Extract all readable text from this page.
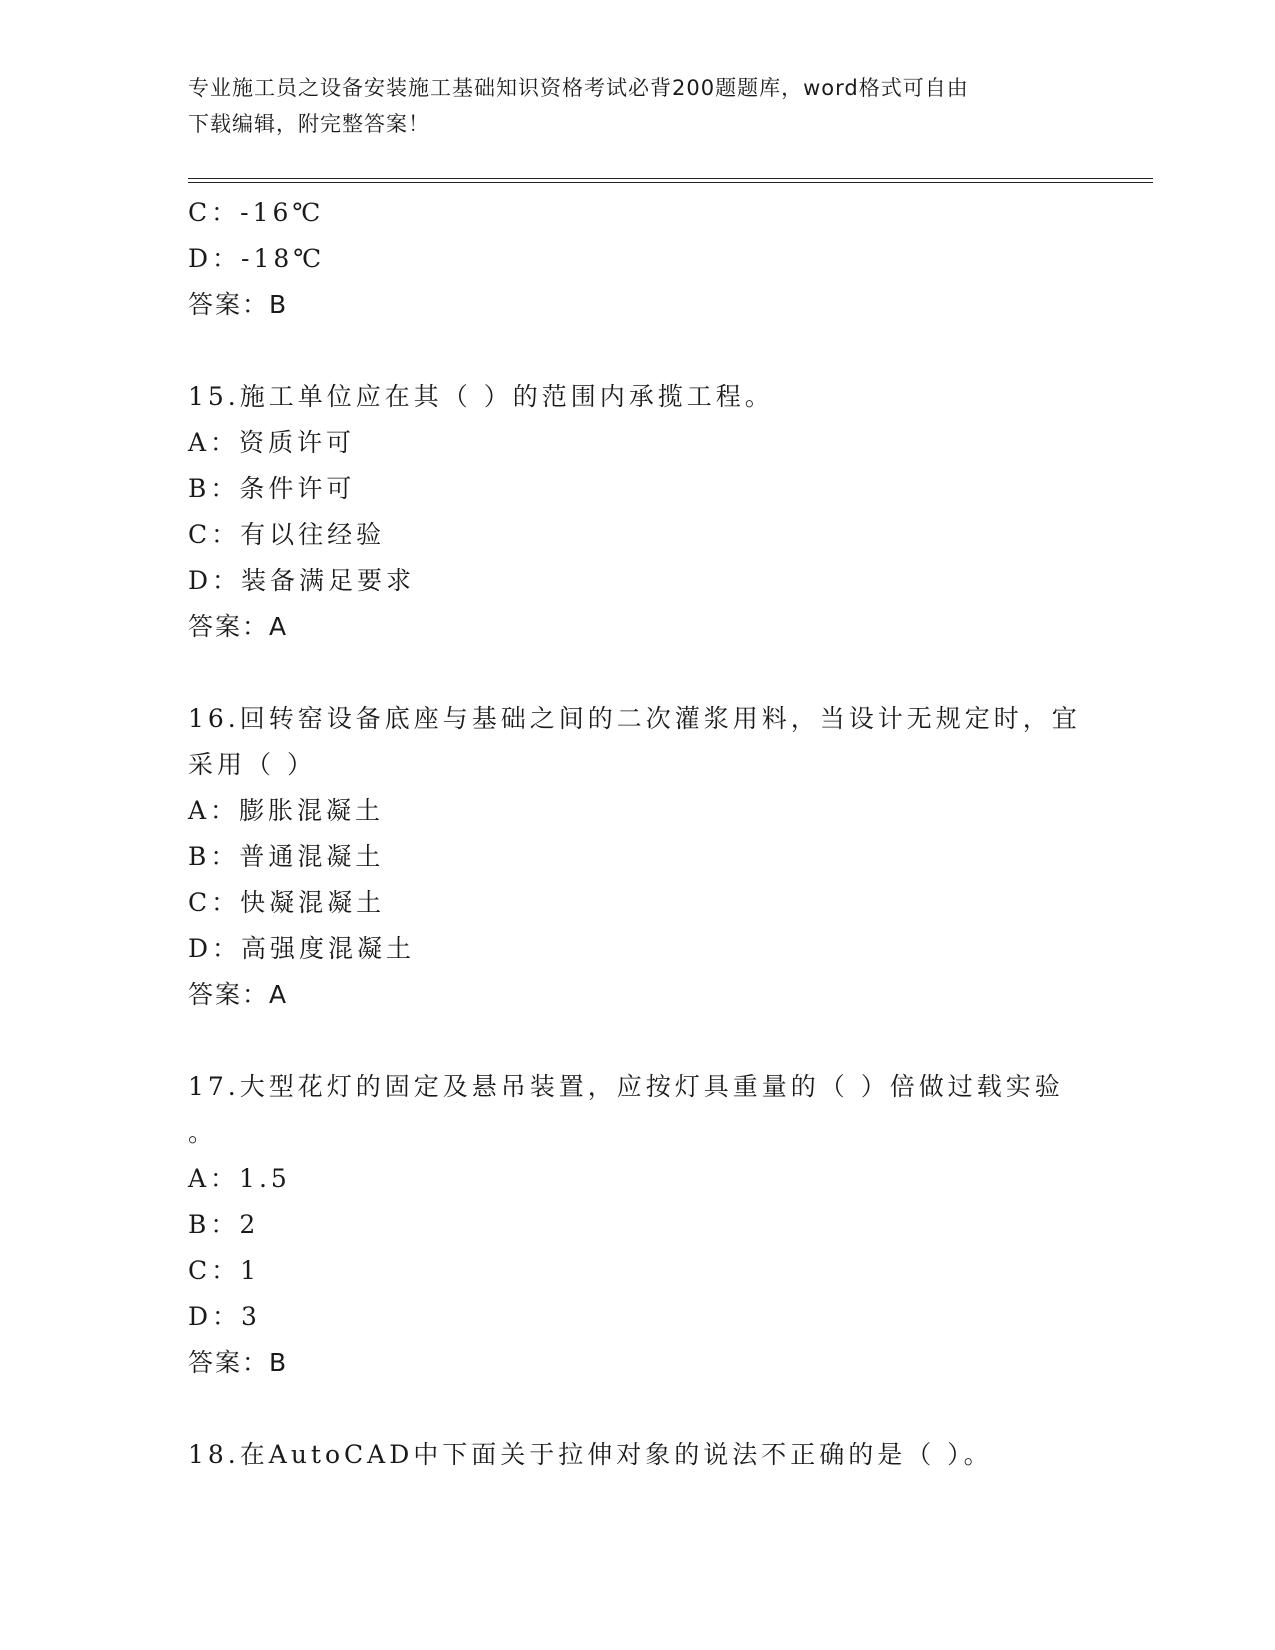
专业施工员之设备安装施工基础知识资格考试必背200题题库，word格式可自由
下载编辑，附完整答案！
C：-16℃
D：-18℃
答案：B
15.施工单位应在其（ ）的范围内承揽工程。
A：资质许可
B：条件许可
C：有以往经验
D：装备满足要求
答案：A
16.回转窑设备底座与基础之间的二次灌浆用料，当设计无规定时，宜
采用（ ）
A：膨胀混凝土
B：普通混凝土
C：快凝混凝土
D：高强度混凝土
答案：A
17.大型花灯的固定及悬吊装置，应按灯具重量的（ ）倍做过载实验
。
A：1.5
B：2
C：1
D：3
答案：B
18.在AutoCAD中下面关于拉伸对象的说法不正确的是（ ）。
